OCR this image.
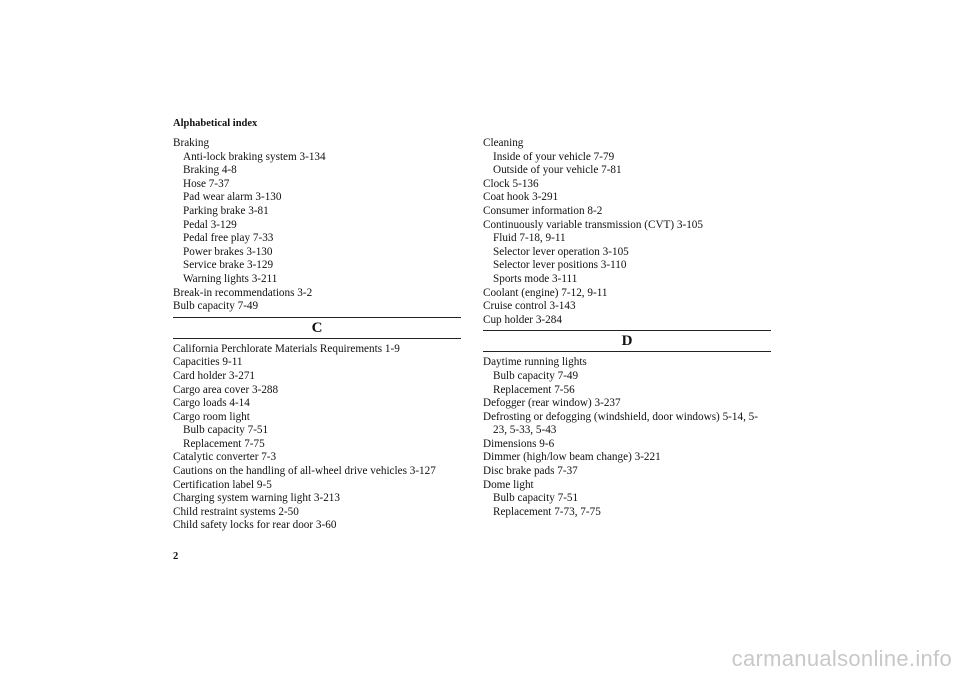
Alphabetical index
Braking
Anti-lock braking system 3-134
Braking 4-8
Hose 7-37
Pad wear alarm 3-130
Parking brake 3-81
Pedal 3-129
Pedal free play 7-33
Power brakes 3-130
Service brake 3-129
Warning lights 3-211
Break-in recommendations 3-2
Bulb capacity 7-49
C
California Perchlorate Materials Requirements 1-9
Capacities 9-11
Card holder 3-271
Cargo area cover 3-288
Cargo loads 4-14
Cargo room light
Bulb capacity 7-51
Replacement 7-75
Catalytic converter 7-3
Cautions on the handling of all-wheel drive vehicles 3-127
Certification label 9-5
Charging system warning light 3-213
Child restraint systems 2-50
Child safety locks for rear door 3-60
Cleaning
Inside of your vehicle 7-79
Outside of your vehicle 7-81
Clock 5-136
Coat hook 3-291
Consumer information 8-2
Continuously variable transmission (CVT) 3-105
Fluid 7-18, 9-11
Selector lever operation 3-105
Selector lever positions 3-110
Sports mode 3-111
Coolant (engine) 7-12, 9-11
Cruise control 3-143
Cup holder 3-284
D
Daytime running lights
Bulb capacity 7-49
Replacement 7-56
Defogger (rear window) 3-237
Defrosting or defogging (windshield, door windows) 5-14, 5-
23, 5-33, 5-43
Dimensions 9-6
Dimmer (high/low beam change) 3-221
Disc brake pads 7-37
Dome light
Bulb capacity 7-51
Replacement 7-73, 7-75
2
carmanualsonline.info
